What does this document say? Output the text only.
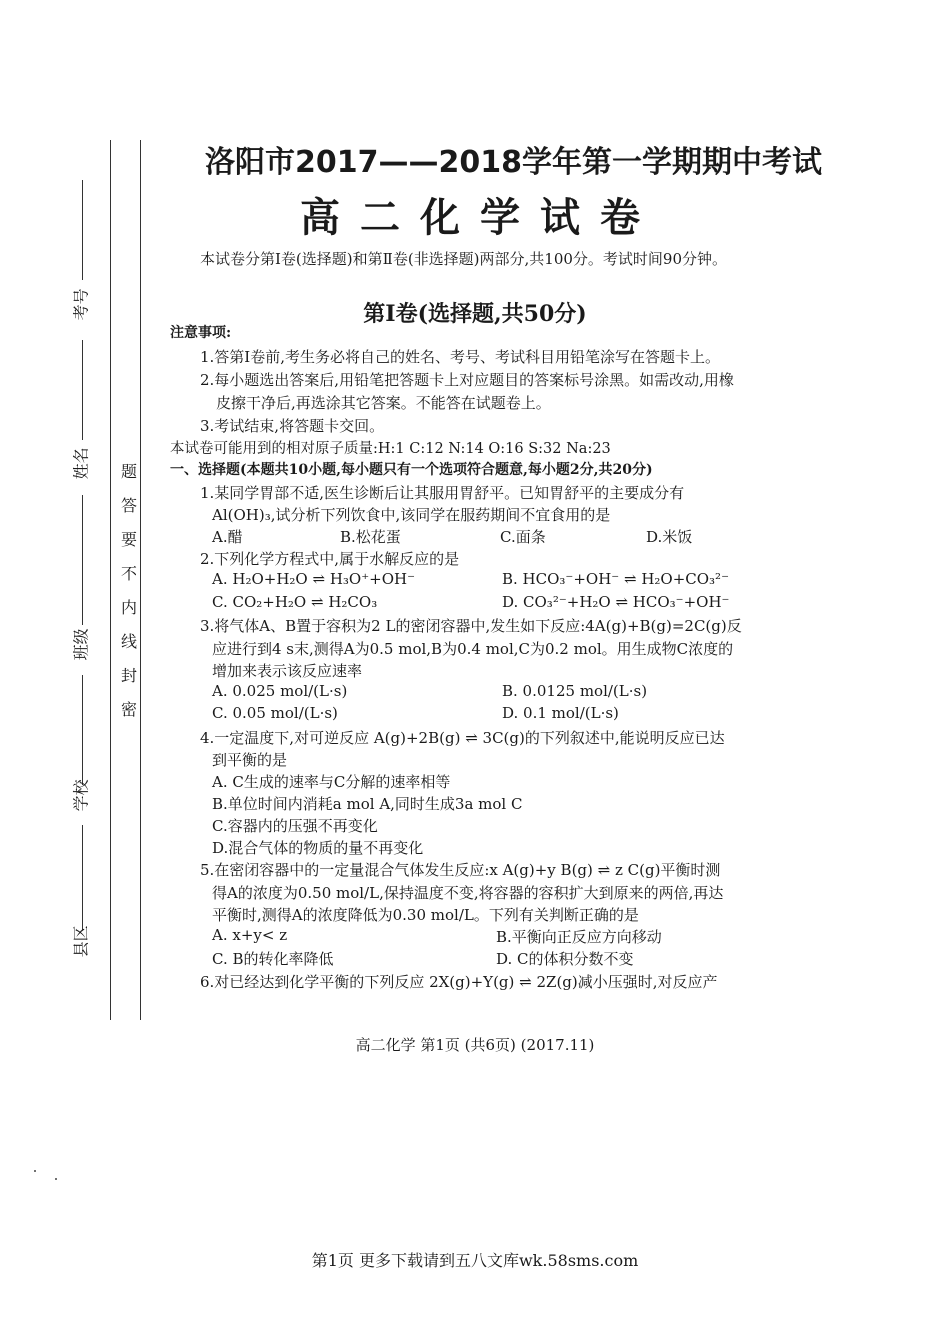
考号
姓名
班级
学校
县区
题
答
要
不
内
线
封
密
洛阳市2017——2018学年第一学期期中考试
高二化学试卷
本试卷分第Ⅰ卷(选择题)和第Ⅱ卷(非选择题)两部分,共100分。考试时间90分钟。
第Ⅰ卷(选择题,共50分)
注意事项:
1.答第Ⅰ卷前,考生务必将自己的姓名、考号、考试科目用铅笔涂写在答题卡上。
2.每小题选出答案后,用铅笔把答题卡上对应题目的答案标号涂黑。如需改动,用橡
皮擦干净后,再选涂其它答案。不能答在试题卷上。
3.考试结束,将答题卡交回。
本试卷可能用到的相对原子质量:H:1 C:12 N:14 O:16 S:32 Na:23
一、选择题(本题共10小题,每小题只有一个选项符合题意,每小题2分,共20分)
1.某同学胃部不适,医生诊断后让其服用胃舒平。已知胃舒平的主要成分有
Al(OH)₃,试分析下列饮食中,该同学在服药期间不宜食用的是
A.醋	B.松花蛋	C.面条	D.米饭
2.下列化学方程式中,属于水解反应的是
A. H₂O+H₂O ⇌ H₃O⁺+OH⁻	B. HCO₃⁻+OH⁻ ⇌ H₂O+CO₃²⁻
C. CO₂+H₂O ⇌ H₂CO₃	D. CO₃²⁻+H₂O ⇌ HCO₃⁻+OH⁻
3.将气体A、B置于容积为2 L的密闭容器中,发生如下反应:4A(g)+B(g)=2C(g)反
应进行到4 s末,测得A为0.5 mol,B为0.4 mol,C为0.2 mol。用生成物C浓度的
增加来表示该反应速率
A. 0.025 mol/(L·s)	B. 0.0125 mol/(L·s)
C. 0.05 mol/(L·s)	D. 0.1 mol/(L·s)
4.一定温度下,对可逆反应 A(g)+2B(g) ⇌ 3C(g)的下列叙述中,能说明反应已达
到平衡的是
A. C生成的速率与C分解的速率相等
B.单位时间内消耗a mol A,同时生成3a mol C
C.容器内的压强不再变化
D.混合气体的物质的量不再变化
5.在密闭容器中的一定量混合气体发生反应:x A(g)+y B(g) ⇌ z C(g)平衡时测
得A的浓度为0.50 mol/L,保持温度不变,将容器的容积扩大到原来的两倍,再达
平衡时,测得A的浓度降低为0.30 mol/L。下列有关判断正确的是
A. x+y< z	B.平衡向正反应方向移动
C. B的转化率降低	D. C的体积分数不变
6.对已经达到化学平衡的下列反应 2X(g)+Y(g) ⇌ 2Z(g)减小压强时,对反应产
高二化学 第1页 (共6页) (2017.11)
第1页 更多下载请到五八文库wk.58sms.com
